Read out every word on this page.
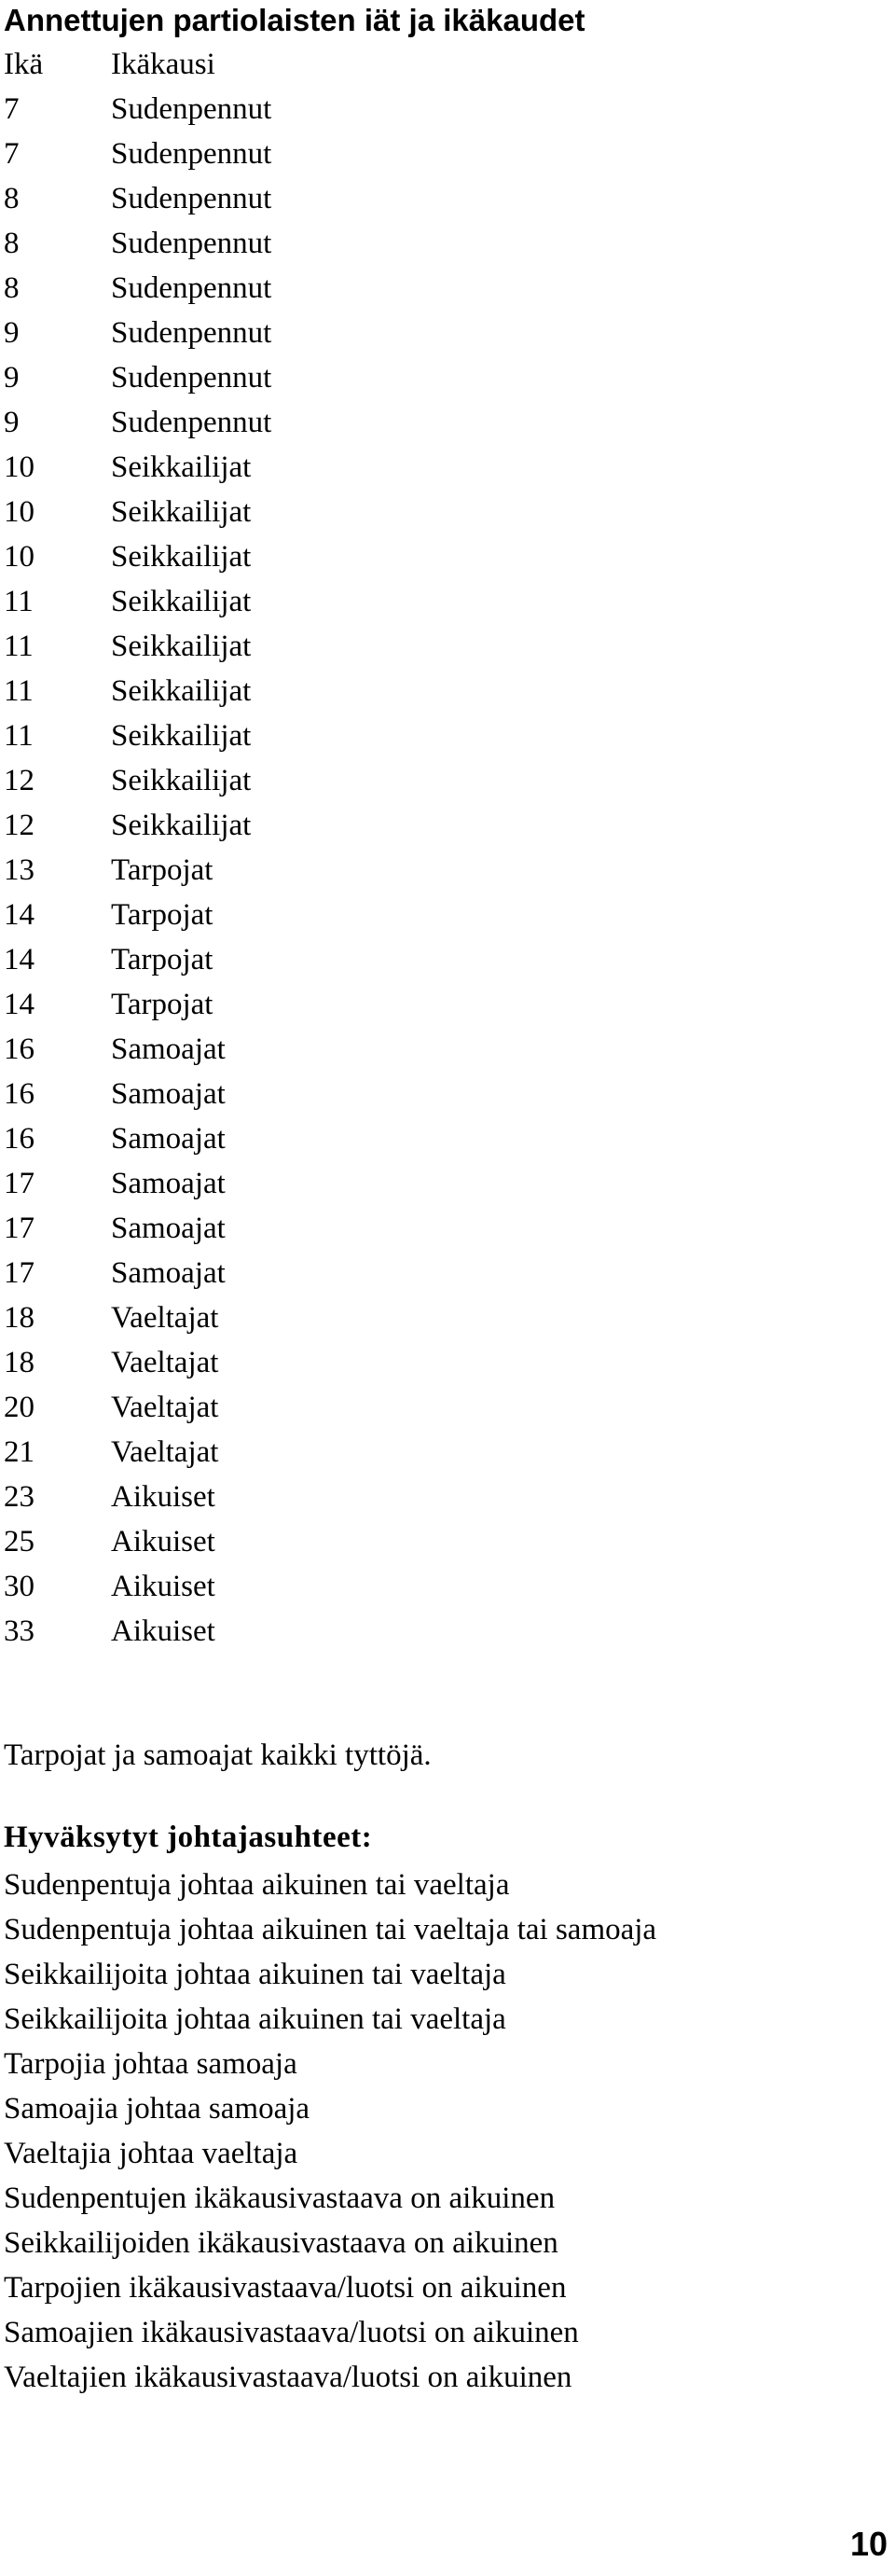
Annettujen partiolaisten iät ja ikäkaudet
Ikä	Ikäkausi
7	Sudenpennut
7	Sudenpennut
8	Sudenpennut
8	Sudenpennut
8	Sudenpennut
9	Sudenpennut
9	Sudenpennut
9	Sudenpennut
10	Seikkailijat
10	Seikkailijat
10	Seikkailijat
11	Seikkailijat
11	Seikkailijat
11	Seikkailijat
11	Seikkailijat
12	Seikkailijat
12	Seikkailijat
13	Tarpojat
14	Tarpojat
14	Tarpojat
14	Tarpojat
16	Samoajat
16	Samoajat
16	Samoajat
17	Samoajat
17	Samoajat
17	Samoajat
18	Vaeltajat
18	Vaeltajat
20	Vaeltajat
21	Vaeltajat
23	Aikuiset
25	Aikuiset
30	Aikuiset
33	Aikuiset

Tarpojat ja samoajat kaikki tyttöjä.

Hyväksytyt johtajasuhteet:
Sudenpentuja johtaa aikuinen tai vaeltaja
Sudenpentuja johtaa aikuinen tai vaeltaja tai samoaja
Seikkailijoita johtaa aikuinen tai vaeltaja
Seikkailijoita johtaa aikuinen tai vaeltaja
Tarpojia johtaa samoaja
Samoajia johtaa samoaja
Vaeltajia johtaa vaeltaja
Sudenpentujen ikäkausivastaava on aikuinen
Seikkailijoiden ikäkausivastaava on aikuinen
Tarpojien ikäkausivastaava/luotsi on aikuinen
Samoajien ikäkausivastaava/luotsi on aikuinen
Vaeltajien ikäkausivastaava/luotsi on aikuinen

10
